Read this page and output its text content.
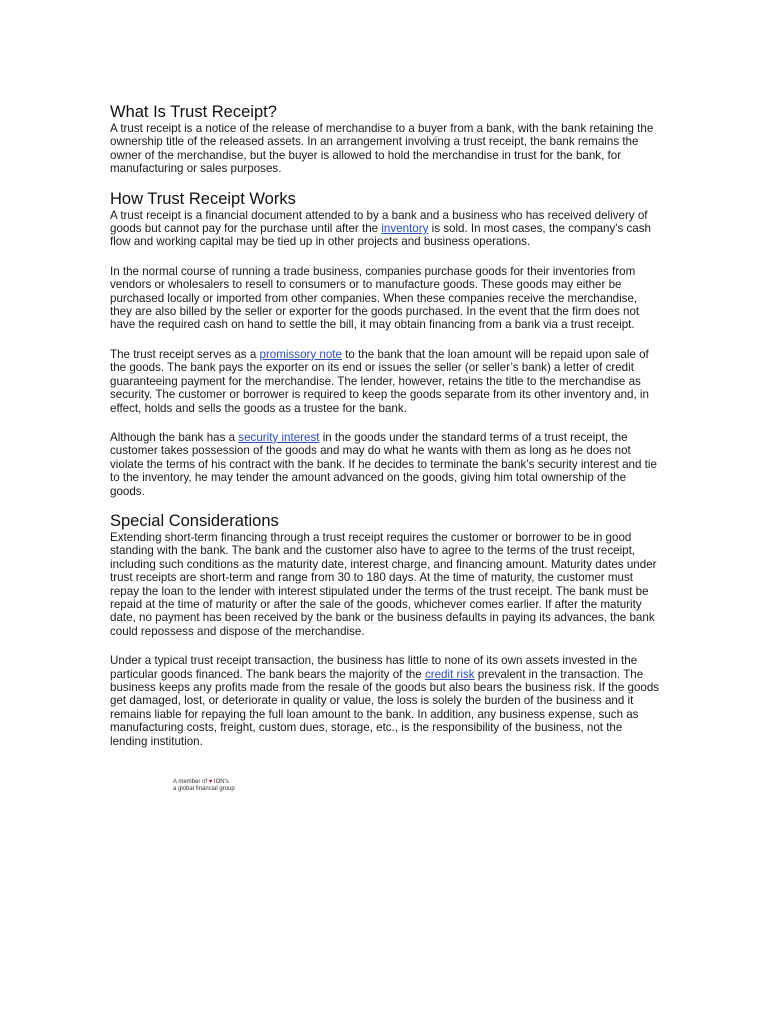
What Is Trust Receipt?

A trust receipt is a notice of the release of merchandise to a buyer from a bank, with the bank retaining the ownership title of the released assets. In an arrangement involving a trust receipt, the bank remains the owner of the merchandise, but the buyer is allowed to hold the merchandise in trust for the bank, for manufacturing or sales purposes.

How Trust Receipt Works

A trust receipt is a financial document attended to by a bank and a business who has received delivery of goods but cannot pay for the purchase until after the inventory is sold. In most cases, the company's cash flow and working capital may be tied up in other projects and business operations.

In the normal course of running a trade business, companies purchase goods for their inventories from vendors or wholesalers to resell to consumers or to manufacture goods. These goods may either be purchased locally or imported from other companies. When these companies receive the merchandise, they are also billed by the seller or exporter for the goods purchased. In the event that the firm does not have the required cash on hand to settle the bill, it may obtain financing from a bank via a trust receipt.

The trust receipt serves as a promissory note to the bank that the loan amount will be repaid upon sale of the goods. The bank pays the exporter on its end or issues the seller (or seller’s bank) a letter of credit guaranteeing payment for the merchandise. The lender, however, retains the title to the merchandise as security. The customer or borrower is required to keep the goods separate from its other inventory and, in effect, holds and sells the goods as a trustee for the bank.

Although the bank has a security interest in the goods under the standard terms of a trust receipt, the customer takes possession of the goods and may do what he wants with them as long as he does not violate the terms of his contract with the bank. If he decides to terminate the bank’s security interest and tie to the inventory, he may tender the amount advanced on the goods, giving him total ownership of the goods.

Special Considerations

Extending short-term financing through a trust receipt requires the customer or borrower to be in good standing with the bank. The bank and the customer also have to agree to the terms of the trust receipt, including such conditions as the maturity date, interest charge, and financing amount. Maturity dates under trust receipts are short-term and range from 30 to 180 days. At the time of maturity, the customer must repay the loan to the lender with interest stipulated under the terms of the trust receipt. The bank must be repaid at the time of maturity or after the sale of the goods, whichever comes earlier. If after the maturity date, no payment has been received by the bank or the business defaults in paying its advances, the bank could repossess and dispose of the merchandise.

Under a typical trust receipt transaction, the business has little to none of its own assets invested in the particular goods financed. The bank bears the majority of the credit risk prevalent in the transaction. The business keeps any profits made from the resale of the goods but also bears the business risk. If the goods get damaged, lost, or deteriorate in quality or value, the loss is solely the burden of the business and it remains liable for repaying the full loan amount to the bank. In addition, any business expense, such as manufacturing costs, freight, custom dues, storage, etc., is the responsibility of the business, not the lending institution.

A member of ♥ ION's
a global financial group
